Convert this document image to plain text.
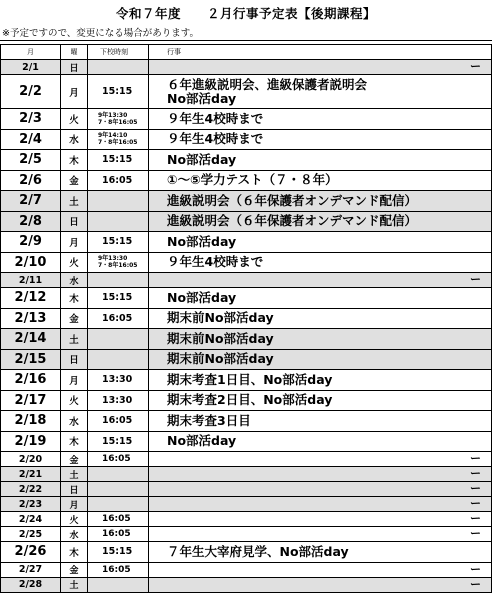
令和７年度　　２月行事予定表【後期課程】
※予定ですので、変更になる場合があります。
月	曜	下校時刻	行事
2/1	日		ー
2/2	月	15:15	６年進級説明会、進級保護者説明会
No部活day

2/3	火	9年13:30
7・8年16:05	９年生4校時まで

2/4	水	9年14:10
7・8年16:05	９年生4校時まで

2/5	木	15:15	No部活day

2/6	金	16:05	①～⑤学力テスト（７・８年）

2/7	土		進級説明会（６年保護者オンデマンド配信）

2/8	日		進級説明会（６年保護者オンデマンド配信）

2/9	月	15:15	No部活day

2/10	火	9年13:30
7・8年16:05	９年生4校時まで

2/11	水		ー
2/12	木	15:15	No部活day

2/13	金	16:05	期末前No部活day

2/14	土		期末前No部活day

2/15	日		期末前No部活day

2/16	月	13:30	期末考査1日目、No部活day

2/17	火	13:30	期末考査2日目、No部活day

2/18	水	16:05	期末考査3日目

2/19	木	15:15	No部活day

2/20	金	16:05	ー
2/21	土		ー
2/22	日		ー
2/23	月		ー
2/24	火	16:05	ー
2/25	水	16:05	ー
2/26	木	15:15	７年生大宰府見学、No部活day

2/27	金	16:05	ー
2/28	土		ー
